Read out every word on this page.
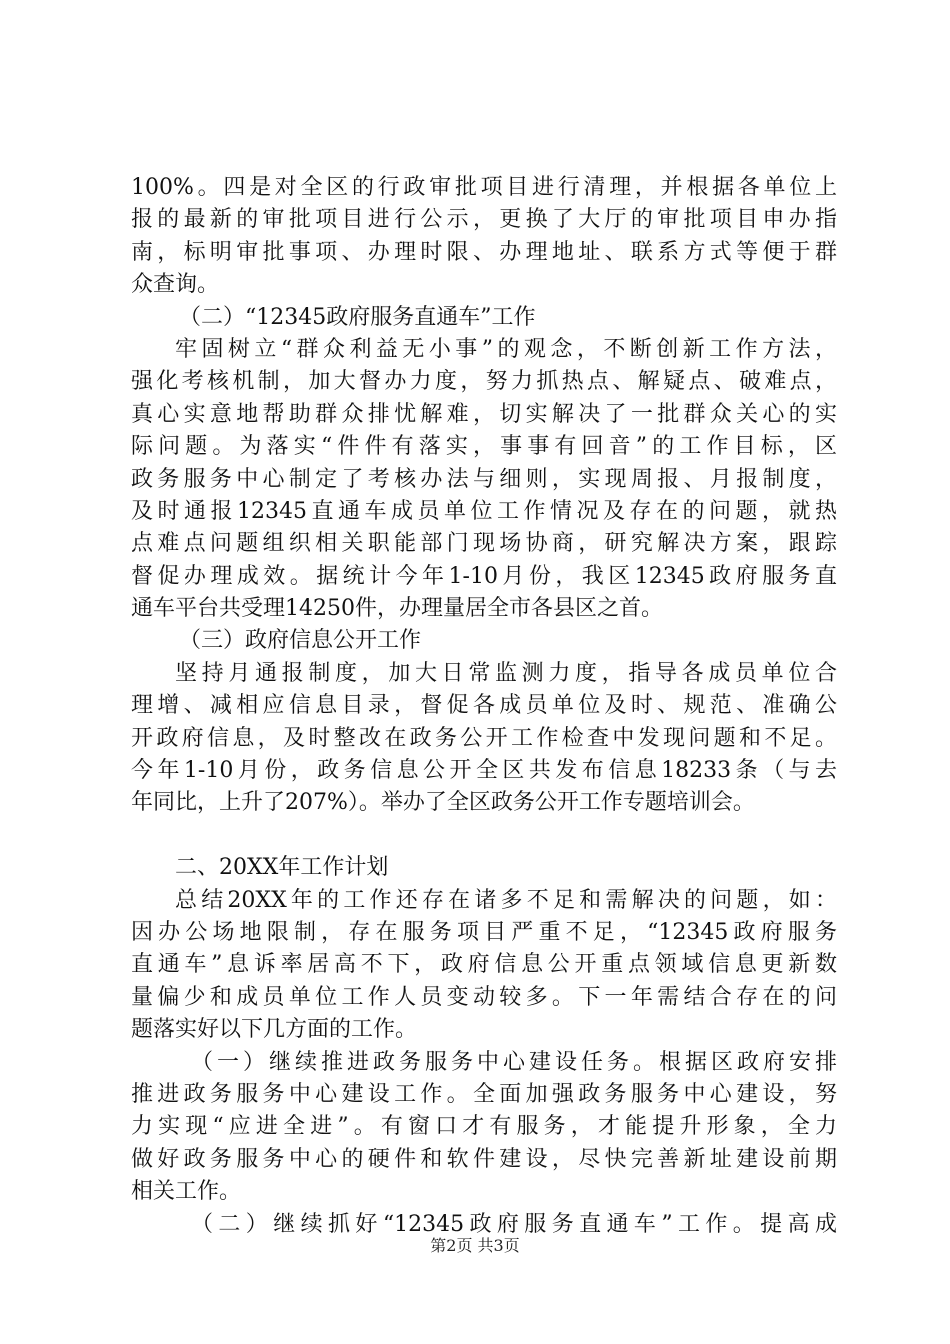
100%。四是对全区的行政审批项目进行清理，并根据各单位上
报的最新的审批项目进行公示，更换了大厅的审批项目申办指
南，标明审批事项、办理时限、办理地址、联系方式等便于群
众查询。
（二）“12345政府服务直通车”工作
牢固树立“群众利益无小事”的观念，不断创新工作方法，
强化考核机制，加大督办力度，努力抓热点、解疑点、破难点，
真心实意地帮助群众排忧解难，切实解决了一批群众关心的实
际问题。为落实“件件有落实，事事有回音”的工作目标，区
政务服务中心制定了考核办法与细则，实现周报、月报制度，
及时通报12345直通车成员单位工作情况及存在的问题，就热
点难点问题组织相关职能部门现场协商，研究解决方案，跟踪
督促办理成效。据统计今年1-10月份，我区12345政府服务直
通车平台共受理14250件，办理量居全市各县区之首。
（三）政府信息公开工作
坚持月通报制度，加大日常监测力度，指导各成员单位合
理增、减相应信息目录，督促各成员单位及时、规范、准确公
开政府信息，及时整改在政务公开工作检查中发现问题和不足。
今年1-10月份，政务信息公开全区共发布信息18233条（与去
年同比，上升了207%）。举办了全区政务公开工作专题培训会。
二、20XX年工作计划
总结20XX年的工作还存在诸多不足和需解决的问题，如：
因办公场地限制，存在服务项目严重不足，“12345政府服务
直通车”息诉率居高不下，政府信息公开重点领域信息更新数
量偏少和成员单位工作人员变动较多。下一年需结合存在的问
题落实好以下几方面的工作。
（一）继续推进政务服务中心建设任务。根据区政府安排
推进政务服务中心建设工作。全面加强政务服务中心建设，努
力实现“应进全进”。有窗口才有服务，才能提升形象，全力
做好政务服务中心的硬件和软件建设，尽快完善新址建设前期
相关工作。
（二）继续抓好“12345政府服务直通车”工作。提高成
第2页 共3页
